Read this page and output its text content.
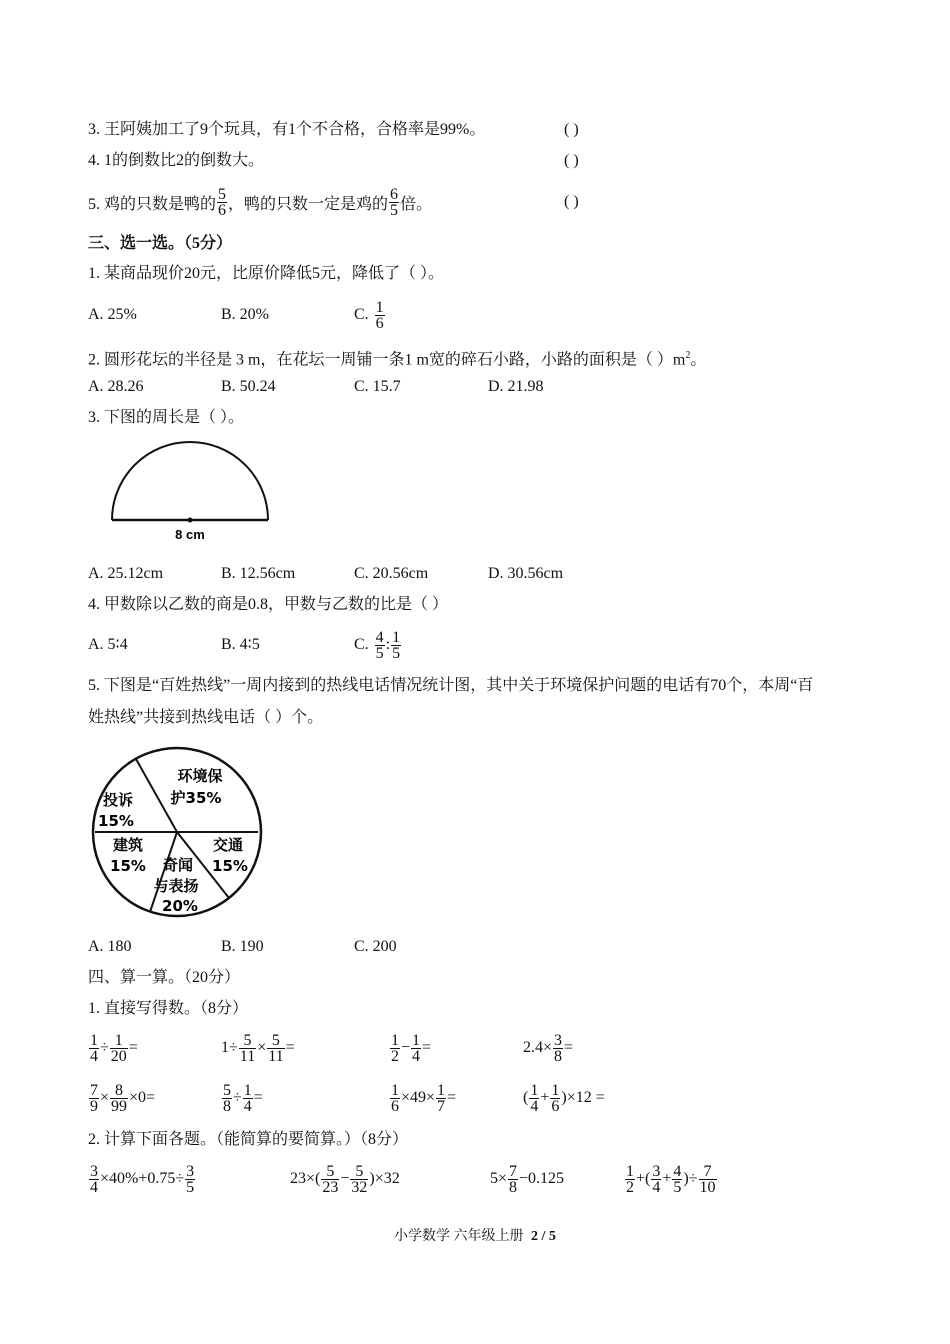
3. 王阿姨加工了9个玩具，有1个不合格，合格率是99%。	( )
4. 1的倒数比2的倒数大。	( )
5. 鸡的只数是鸭的 $\frac{5}{6}$ ，鸭的只数一定是鸡的 $\frac{6}{5}$ 倍。	( )
三、选一选。（5分）
1. 某商品现价20元，比原价降低5元，降低了（ ）。
A. 25%	B. 20%	C. $\frac{1}{6}$
2. 圆形花坛的半径是 3 m，在花坛一周铺一条1 m宽的碎石小路，小路的面积是（ ）$m^2$。
A. 28.26	B. 50.24	C. 15.7	D. 21.98
3. 下图的周长是（ ）。
8 cm
A. 25.12cm	B. 12.56cm	C. 20.56cm	D. 30.56cm
4. 甲数除以乙数的商是0.8，甲数与乙数的比是（ ）
A. 5∶4	B. 4∶5	C. $\frac{4}{5}$ : $\frac{1}{5}$
5. 下图是“百姓热线”一周内接到的热线电话情况统计图，其中关于环境保护问题的电话有70个，本周“百
姓热线”共接到热线电话（ ）个。
环境保
护35%
投诉
15%
建筑
15% 奇闻
与表扬
20%
交通
15%
A. 180	B. 190	C. 200
四、算一算。（20分）
1. 直接写得数。（8分）
$\frac{1}{4} \div \frac{1}{20}$ =	$1\div \frac{5}{11} \times \frac{5}{11}$ =	$\frac{1}{2} - \frac{1}{4}$ =	$2.4\times \frac{3}{8}$ =
$\frac{7}{9} \times \frac{8}{99} \times 0=$	$\frac{5}{8} \div \frac{1}{4}$ =	$\frac{1}{6} \times 49\times \frac{1}{7}$ =	( $\frac{1}{4} + \frac{1}{6} )\times 12$ =
2. 计算下面各题。（能简算的要简算。）（8分）
$\frac{3}{4} \times 40\%+0.75\div \frac{3}{5}$	$23\times( \frac{5}{23} - \frac{5}{32} )\times 32$	$5\times \frac{7}{8} -0.125$	$\frac{1}{2}$ +( $\frac{3}{4} + \frac{4}{5}$ )÷ $\frac{7}{10}$
小学数学 六年级上册 2 / 5
